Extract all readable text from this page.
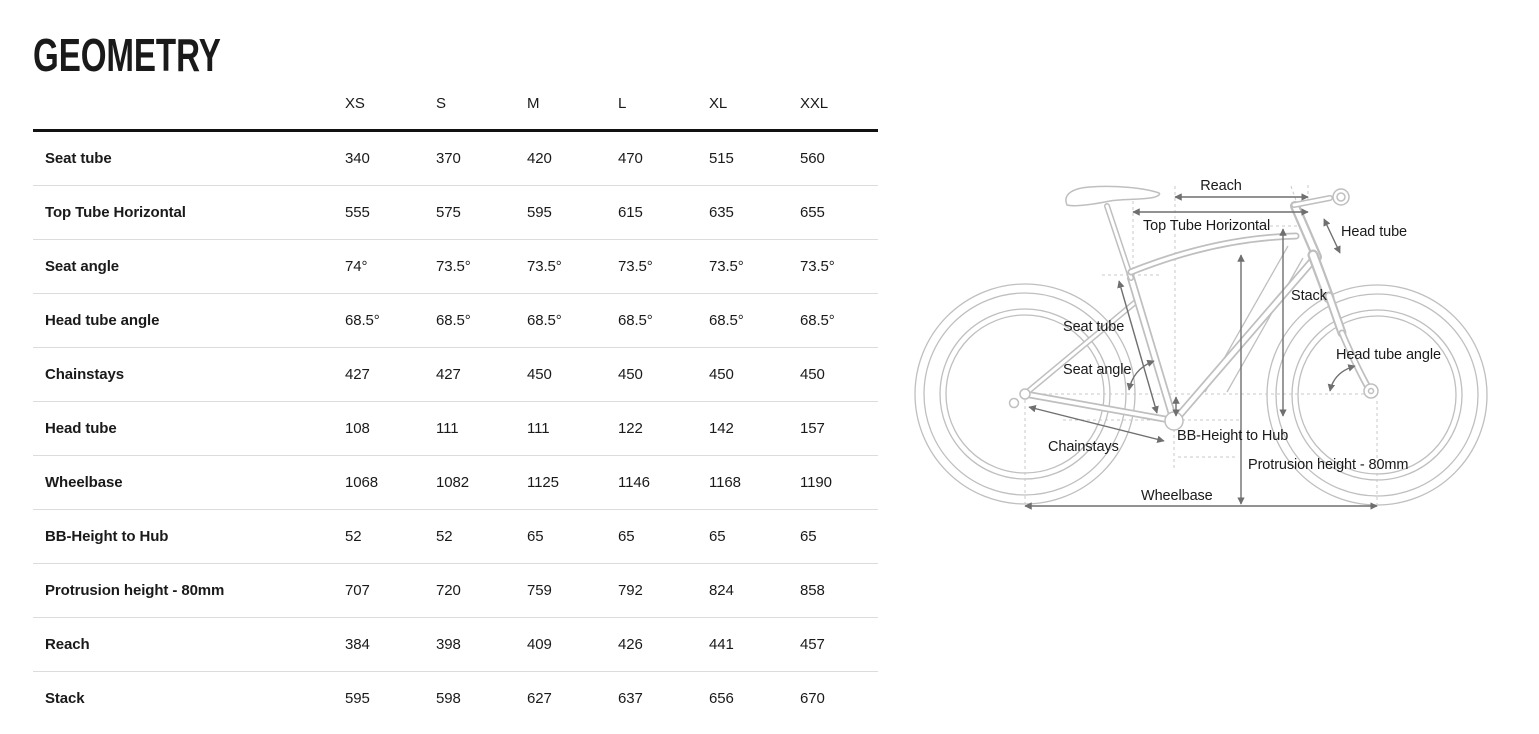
GEOMETRY
	XS	S	M	L	XL	XXL
Seat tube	340	370	420	470	515	560
Top Tube Horizontal	555	575	595	615	635	655
Seat angle	74°	73.5°	73.5°	73.5°	73.5°	73.5°
Head tube angle	68.5°	68.5°	68.5°	68.5°	68.5°	68.5°
Chainstays	427	427	450	450	450	450
Head tube	108	111	111	122	142	157
Wheelbase	1068	1082	1125	1146	1168	1190
BB-Height to Hub	52	52	65	65	65	65
Protrusion height - 80mm	707	720	759	792	824	858
Reach	384	398	409	426	441	457
Stack	595	598	627	637	656	670
Reach
Top Tube Horizontal	Head tube
Stack
Seat tube
Head tube angle
Seat angle
Chainstays
BB-Height to Hub
Protrusion height - 80mm
Wheelbase
